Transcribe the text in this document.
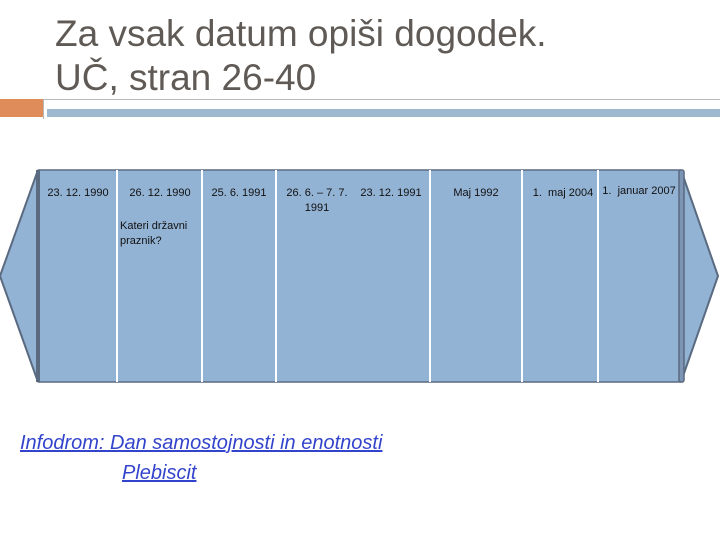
Za vsak datum opiši dogodek.
UČ, stran 26-40
23. 12. 1990	26. 12. 1990
Kateri državni praznik?
25. 6. 1991	26. 6. – 7. 7. 1991
23. 12. 1991	Maj 1992	1.  maj 2004 1.  januar 2007
Infodrom: Dan samostojnosti in enotnosti
Plebiscit
